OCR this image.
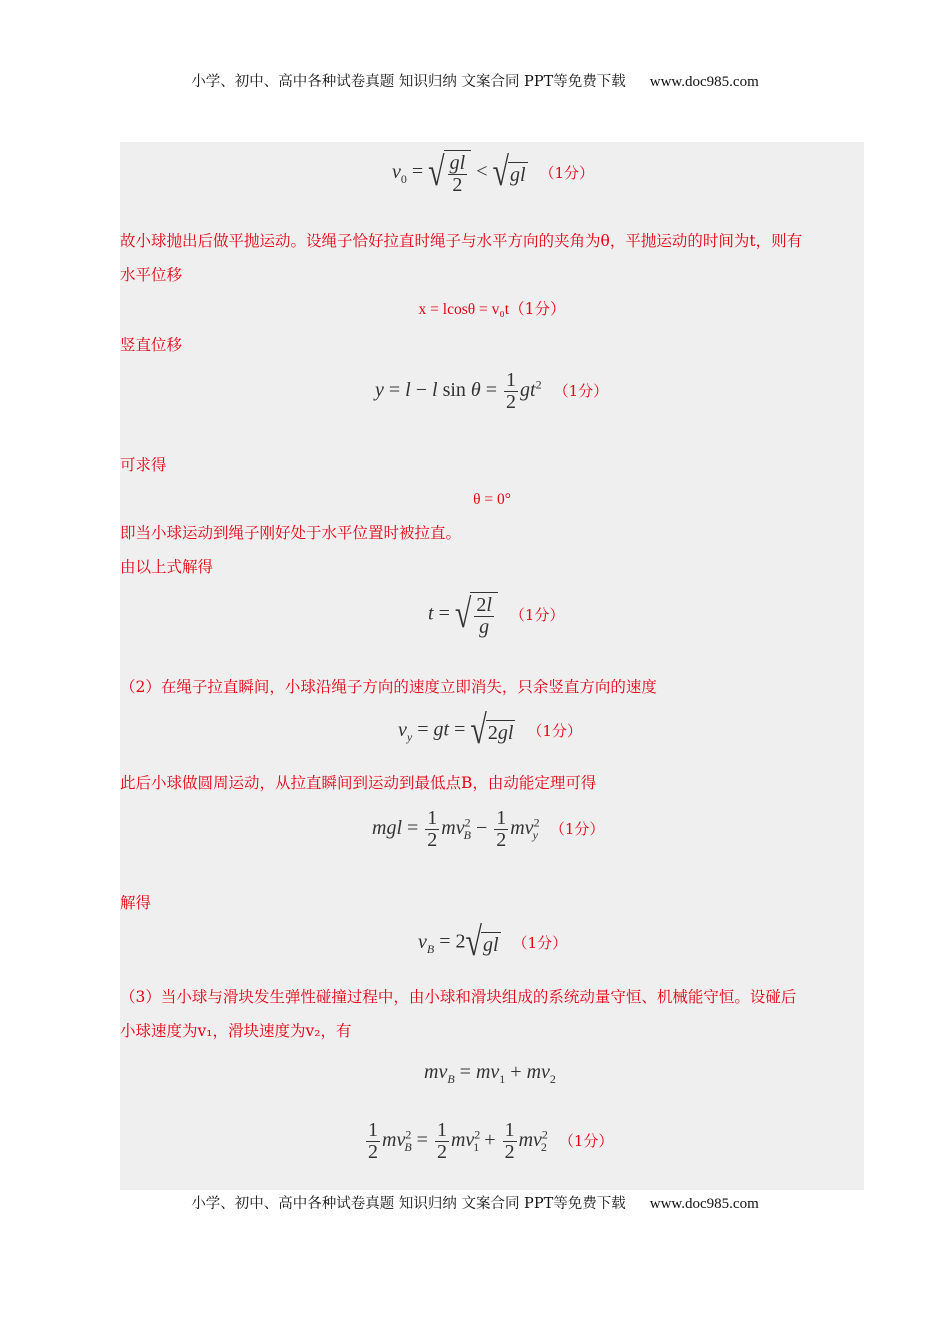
小学、初中、高中各种试卷真题 知识归纳 文案合同 PPT等免费下载 www.doc985.com
$v_0$ = √ $\frac{gl}{2} < √gl$ （1分）
故小球抛出后做平抛运动。设绳子恰好拉直时绳子与水平方向的夹角为θ，平抛运动的时间为t，则有
水平位移
x = lcosθ = v₀t（1分）
竖直位移
y = l − l $\sin \theta = \frac{1}{2} gt^2$ （1分）
可求得
θ = 0°
即当小球运动到绳子刚好处于水平位置时被拉直。
由以上式解得
t = √ $\frac{2l}{g} (1$分）
（2）在绳子拉直瞬间，小球沿绳子方向的速度立即消失，只余竖直方向的速度
$v_y$ = gt = √2gl （1分）
此后小球做圆周运动，从拉直瞬间到运动到最低点B，由动能定理可得
mgl = $\frac{1}{2} mv^2_B - \frac{1}{2} mv^2_y$ （1分）
解得
$v_B = 2√gl$ （1分）
（3）当小球与滑块发生弹性碰撞过程中，由小球和滑块组成的系统动量守恒、机械能守恒。设碰后
小球速度为v₁，滑块速度为v₂，有
$mv_B = mv_1 + mv_2$
$\frac{1}{2} mv^2_B = \frac{1}{2} mv^2_1 + \frac{1}{2} mv^2_2$ （1分）
小学、初中、高中各种试卷真题 知识归纳 文案合同 PPT等免费下载 www.doc985.com
